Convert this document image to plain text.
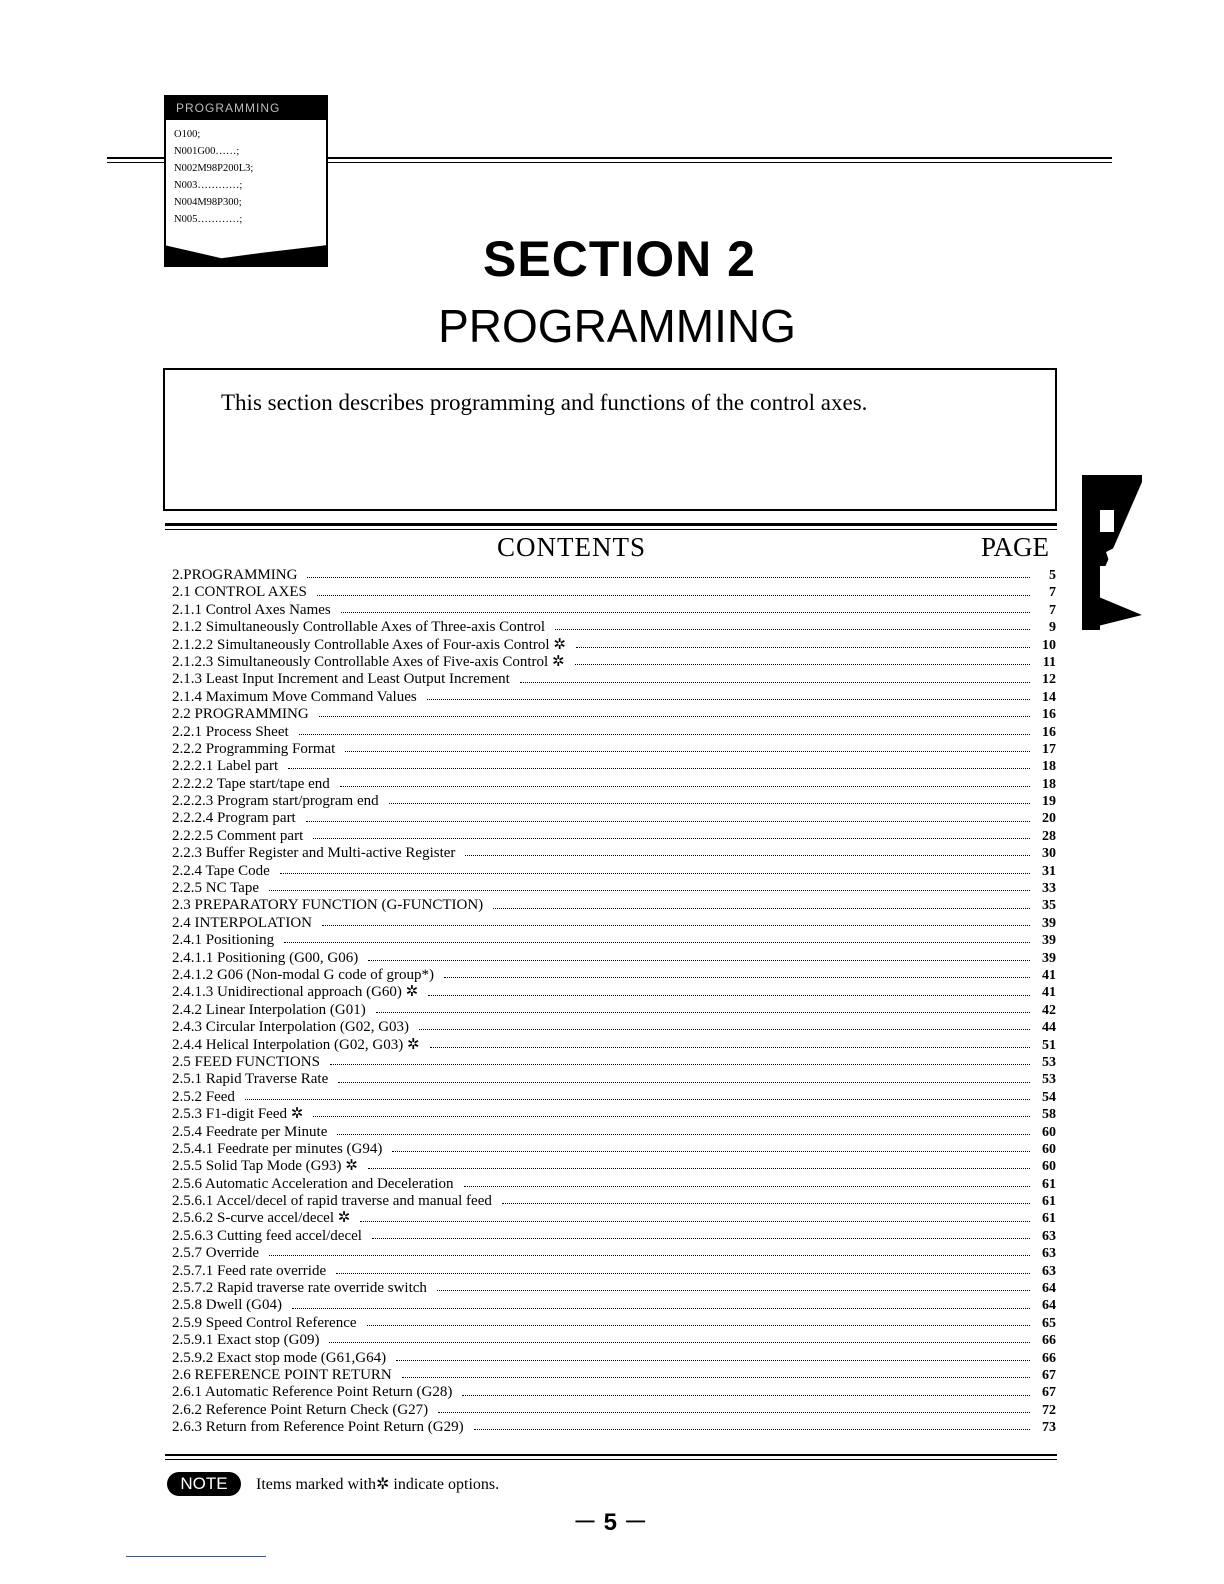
PROGRAMMING
O100;
N001G00……;
N002M98P200L3;
N003…………;
N004M98P300;
N005…………;
SECTION 2
PROGRAMMING
This section describes programming and functions of the control axes.
2
CONTENTS	PAGE
2.PROGRAMMING	5
2.1 CONTROL AXES	7
2.1.1 Control Axes Names	7
2.1.2 Simultaneously Controllable Axes of Three-axis Control	9
2.1.2.2 Simultaneously Controllable Axes of Four-axis Control ✲	10
2.1.2.3 Simultaneously Controllable Axes of Five-axis Control ✲	11
2.1.3 Least Input Increment and Least Output Increment	12
2.1.4 Maximum Move Command Values	14
2.2 PROGRAMMING	16
2.2.1 Process Sheet	16
2.2.2 Programming Format	17
2.2.2.1 Label part	18
2.2.2.2 Tape start/tape end	18
2.2.2.3 Program start/program end	19
2.2.2.4 Program part	20
2.2.2.5 Comment part	28
2.2.3 Buffer Register and Multi-active Register	30
2.2.4 Tape Code	31
2.2.5 NC Tape	33
2.3 PREPARATORY FUNCTION (G-FUNCTION)	35
2.4 INTERPOLATION	39
2.4.1 Positioning	39
2.4.1.1 Positioning (G00, G06)	39
2.4.1.2 G06 (Non-modal G code of group*)	41
2.4.1.3 Unidirectional approach (G60) ✲	41
2.4.2 Linear Interpolation (G01)	42
2.4.3 Circular Interpolation (G02, G03)	44
2.4.4 Helical Interpolation (G02, G03) ✲	51
2.5 FEED FUNCTIONS	53
2.5.1 Rapid Traverse Rate	53
2.5.2 Feed	54
2.5.3 F1-digit Feed ✲	58
2.5.4 Feedrate per Minute	60
2.5.4.1 Feedrate per minutes (G94)	60
2.5.5 Solid Tap Mode (G93) ✲	60
2.5.6 Automatic Acceleration and Deceleration	61
2.5.6.1 Accel/decel of rapid traverse and manual feed	61
2.5.6.2 S-curve accel/decel ✲	61
2.5.6.3 Cutting feed accel/decel	63
2.5.7 Override	63
2.5.7.1 Feed rate override	63
2.5.7.2 Rapid traverse rate override switch	64
2.5.8 Dwell (G04)	64
2.5.9 Speed Control Reference	65
2.5.9.1 Exact stop (G09)	66
2.5.9.2 Exact stop mode (G61,G64)	66
2.6 REFERENCE POINT RETURN	67
2.6.1 Automatic Reference Point Return (G28)	67
2.6.2 Reference Point Return Check (G27)	72
2.6.3 Return from Reference Point Return (G29)	73
NOTE	Items marked with✲ indicate options.
－ 5 －
